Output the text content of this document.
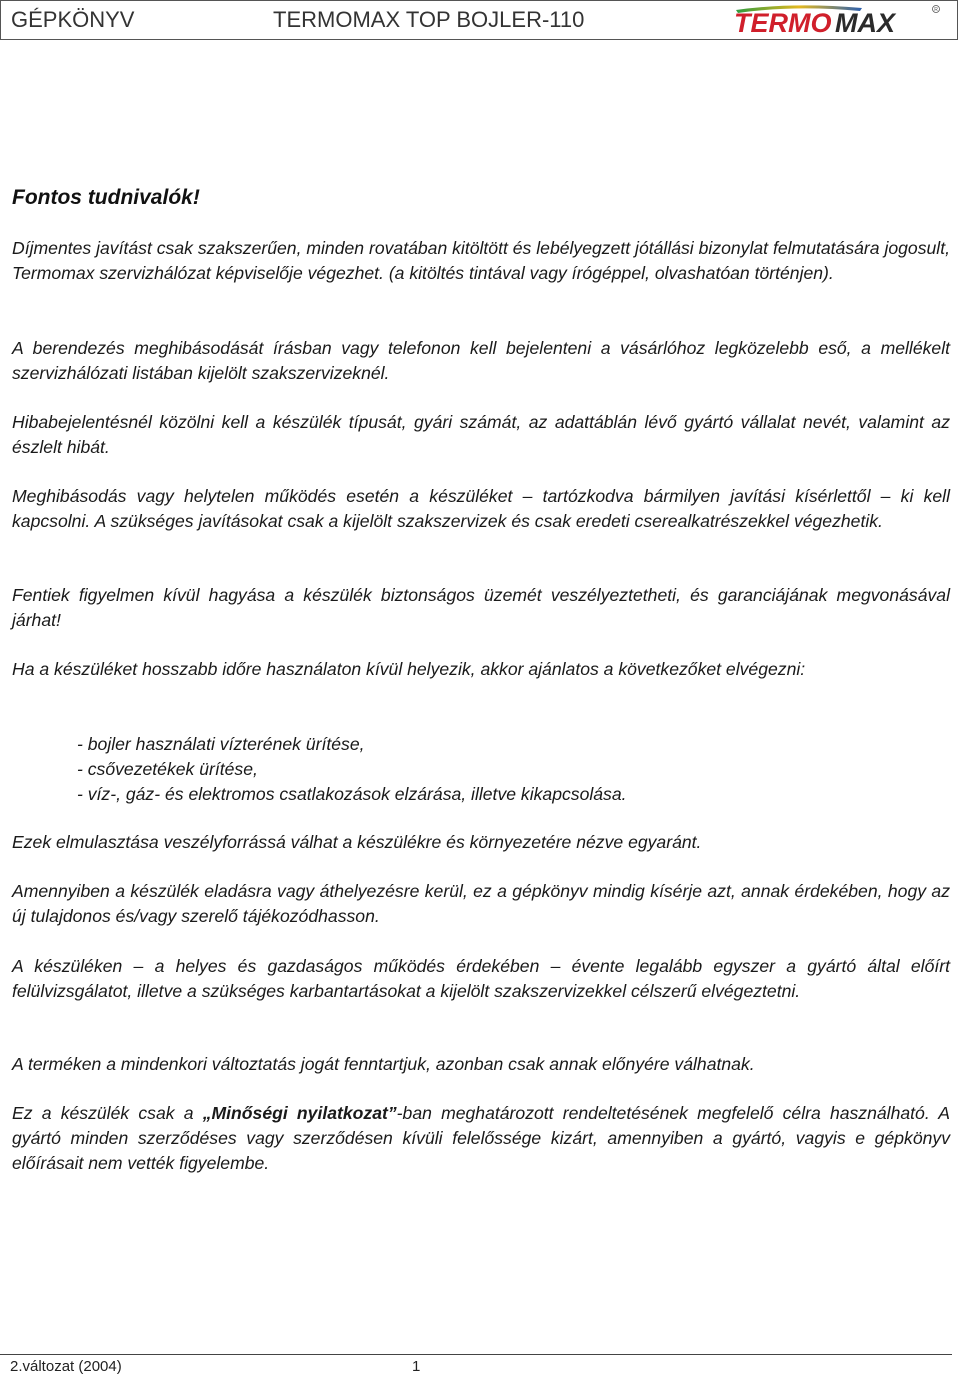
GÉPKÖNYV	TERMOMAX TOP BOJLER-110	TERMO MAX	R
Fontos tudnivalók!
Díjmentes javítást csak szakszerűen, minden rovatában kitöltött és lebélyegzett jótállási bizonylat felmutatására jogosult, Termomax szervizhálózat képviselője végezhet. (a kitöltés tintával vagy írógéppel, olvashatóan történjen).
A berendezés meghibásodását írásban vagy telefonon kell bejelenteni a vásárlóhoz legközelebb eső, a mellékelt szervizhálózati listában kijelölt szakszervizeknél.
Hibabejelentésnél közölni kell a készülék típusát, gyári számát, az adattáblán lévő gyártó vállalat nevét, valamint az észlelt hibát.
Meghibásodás vagy helytelen működés esetén a készüléket – tartózkodva bármilyen javítási kísérlettől – ki kell kapcsolni. A szükséges javításokat csak a kijelölt szakszervizek és csak eredeti cserealkatrészekkel végezhetik.
Fentiek figyelmen kívül hagyása a készülék biztonságos üzemét veszélyeztetheti, és garanciájának megvonásával járhat!
Ha a készüléket hosszabb időre használaton kívül helyezik, akkor ajánlatos a következőket elvégezni:
- bojler használati vízterének ürítése,
- csővezetékek ürítése,
- víz-, gáz- és elektromos csatlakozások elzárása, illetve kikapcsolása.
Ezek elmulasztása veszélyforrássá válhat a készülékre és környezetére nézve egyaránt.
Amennyiben a készülék eladásra vagy áthelyezésre kerül, ez a gépkönyv mindig kísérje azt, annak érdekében, hogy az új tulajdonos és/vagy szerelő tájékozódhasson.
A készüléken – a helyes és gazdaságos működés érdekében – évente legalább egyszer a gyártó által előírt felülvizsgálatot, illetve a szükséges karbantartásokat a kijelölt szakszervizekkel célszerű elvégeztetni.
A terméken a mindenkori változtatás jogát fenntartjuk, azonban csak annak előnyére válhatnak.
Ez a készülék csak a „Minőségi nyilatkozat”-ban meghatározott rendeltetésének megfelelő célra használható. A gyártó minden szerződéses vagy szerződésen kívüli felelőssége kizárt, amennyiben a gyártó, vagyis e gépkönyv előírásait nem vették figyelembe.
2.változat (2004)	1
